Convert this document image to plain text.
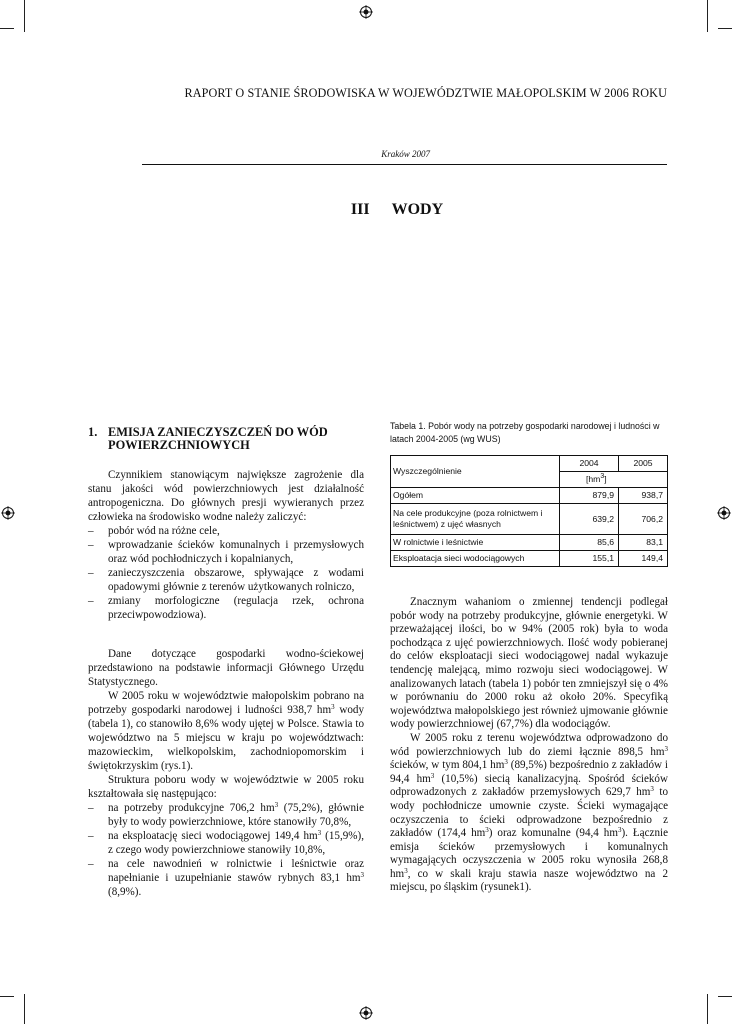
RAPORT O STANIE ŚRODOWISKA W WOJEWÓDZTWIE MAŁOPOLSKIM W 2006 ROKU
Kraków 2007
III WODY
1. EMISJA ZANIECZYSZCZEŃ DO WÓD POWIERZCHNIOWYCH

Czynnikiem stanowiącym największe zagrożenie dla stanu jakości wód powierzchniowych jest działalność antropogeniczna. Do głównych presji wywieranych przez człowieka na środowisko wodne należy zaliczyć:

– pobór wód na różne cele,
– wprowadzanie ścieków komunalnych i przemysłowych oraz wód pochłodniczych i kopalnianych,
– zanieczyszczenia obszarowe, spływające z wodami opadowymi głównie z terenów użytkowanych rolniczo,
– zmiany morfologiczne (regulacja rzek, ochrona przeciwpowodziowa).

Dane dotyczące gospodarki wodno-ściekowej przedstawiono na podstawie informacji Głównego Urzędu Statystycznego.

W 2005 roku w województwie małopolskim pobrano na potrzeby gospodarki narodowej i ludności 938,7 $hm^3$ wody (tabela 1), co stanowiło 8,6% wody ujętej w Polsce. Stawia to województwo na 5 miejscu w kraju po województwach: mazowieckim, wielkopolskim, zachodniopomorskim i świętokrzyskim (rys.1).

Struktura poboru wody w województwie w 2005 roku kształtowała się następująco:

– na potrzeby produkcyjne 706,2 $hm^3$ (75,2%), głównie były to wody powierzchniowe, które stanowiły 70,8%,
– na eksploatację sieci wodociągowej 149,4 $hm^3$ (15,9%), z czego wody powierzchniowe stanowiły 10,8%,
– na cele nawodnień w rolnictwie i leśnictwie oraz napełnianie i uzupełnianie stawów rybnych 83,1 $hm^3$ (8,9%).
Tabela 1. Pobór wody na potrzeby gospodarki narodowej i ludności w latach 2004-2005 (wg WUS)
Wyszczególnienie	2004	2005
	$[hm^3]$	
Ogółem	879,9	938,7
Na cele produkcyjne (poza rolnictwem i leśnictwem) z ujęć własnych	639,2	706,2
W rolnictwie i leśnictwie	85,6	83,1
Eksploatacja sieci wodociągowych	155,1	149,4

Znacznym wahaniom o zmiennej tendencji podlegał pobór wody na potrzeby produkcyjne, głównie energetyki. W przeważającej ilości, bo w 94% (2005 rok) była to woda pochodząca z ujęć powierzchniowych. Ilość wody pobieranej do celów eksploatacji sieci wodociągowej nadal wykazuje tendencję malejącą, mimo rozwoju sieci wodociągowej. W analizowanych latach (tabela 1) pobór ten zmniejszył się o 4% w porównaniu do 2000 roku aż około 20%. Specyfiką województwa małopolskiego jest również ujmowanie głównie wody powierzchniowej (67,7%) dla wodociągów.

W 2005 roku z terenu województwa odprowadzono do wód powierzchniowych lub do ziemi łącznie 898,5 $hm^3$ ścieków, w tym 804,1 $hm^3$ (89,5%) bezpośrednio z zakładów i 94,4 $hm^3$ (10,5%) siecią kanalizacyjną. Spośród ścieków odprowadzonych z zakładów przemysłowych 629,7 $hm^3$ to wody pochłodnicze umownie czyste. Ścieki wymagające oczyszczenia to ścieki odprowadzone bezpośrednio z zakładów (174,4 $hm^3$) oraz komunalne (94,4 $hm^3$). Łącznie emisja ścieków przemysłowych i komunalnych wymagających oczyszczenia w 2005 roku wynosiła 268,8 $hm^3$, co w skali kraju stawia nasze województwo na 2 miejscu, po śląskim (rysunek1).
